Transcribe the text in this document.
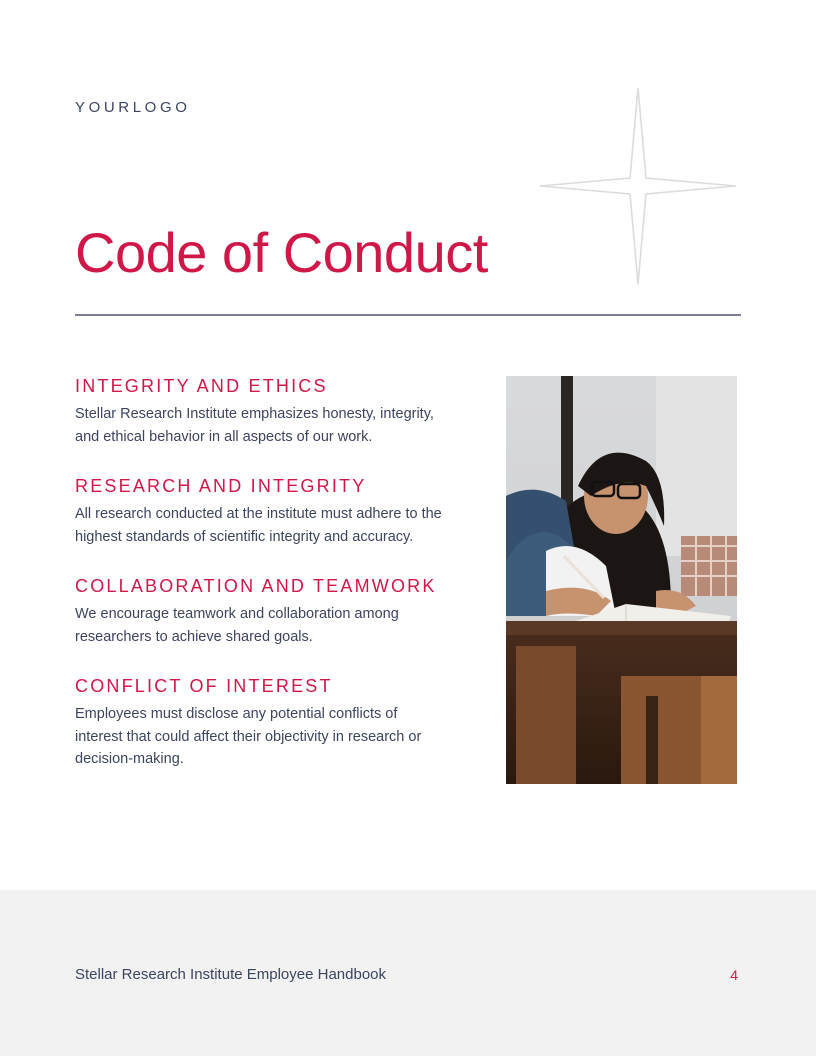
YOURLOGO
Code of Conduct
INTEGRITY AND ETHICS

Stellar Research Institute emphasizes honesty, integrity, and ethical behavior in all aspects of our work.

RESEARCH AND INTEGRITY

All research conducted at the institute must adhere to the highest standards of scientific integrity and accuracy.

COLLABORATION AND TEAMWORK

We encourage teamwork and collaboration among researchers to achieve shared goals.

CONFLICT OF INTEREST

Employees must disclose any potential conflicts of interest that could affect their objectivity in research or decision-making.

Stellar Research Institute Employee Handbook	4
